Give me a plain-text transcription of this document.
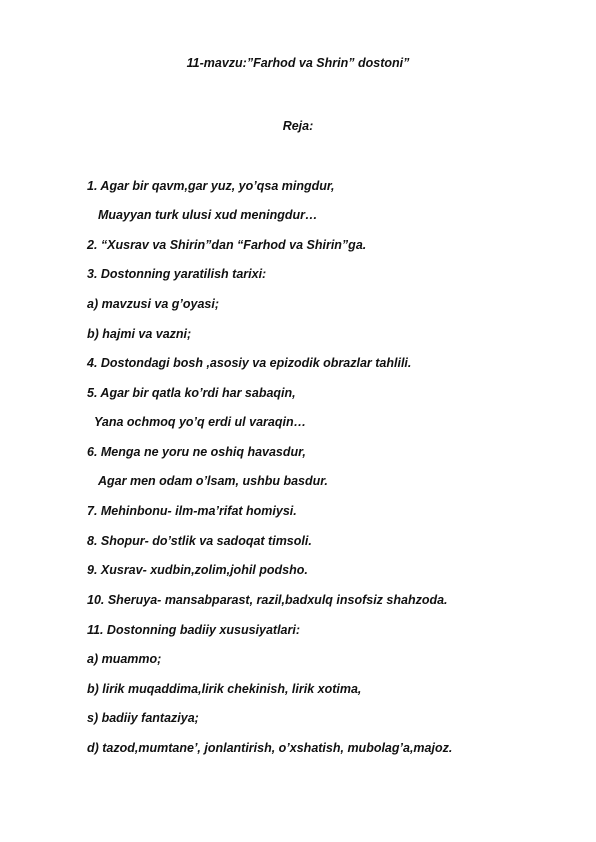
11-mavzu:”Farhod va Shrin” dostoni”
Reja:
1. Agar bir qavm,gar yuz, yo’qsa mingdur,
Muayyan turk ulusi xud meningdur…
2. “Xusrav va Shirin”dan “Farhod va Shirin”ga.
3. Dostonning yaratilish tarixi:
a) mavzusi va g’oyasi;
b) hajmi va vazni;
4. Dostondagi bosh ,asosiy va epizodik obrazlar tahlili.
5. Agar bir qatla ko’rdi har sabaqin,
Yana ochmoq yo’q erdi ul varaqin…
6. Menga ne yoru ne oshiq havasdur,
Agar men odam o’lsam, ushbu basdur.
7. Mehinbonu- ilm-ma’rifat homiysi.
8. Shopur- do’stlik va sadoqat timsoli.
9. Xusrav- xudbin,zolim,johil podsho.
10. Sheruya- mansabparast, razil,badxulq insofsiz shahzoda.
11. Dostonning badiiy xususiyatlari:
a) muammo;
b) lirik muqaddima,lirik chekinish, lirik xotima,
s) badiiy fantaziya;
d) tazod,mumtane’, jonlantirish, o’xshatish, mubolag’a,majoz.
